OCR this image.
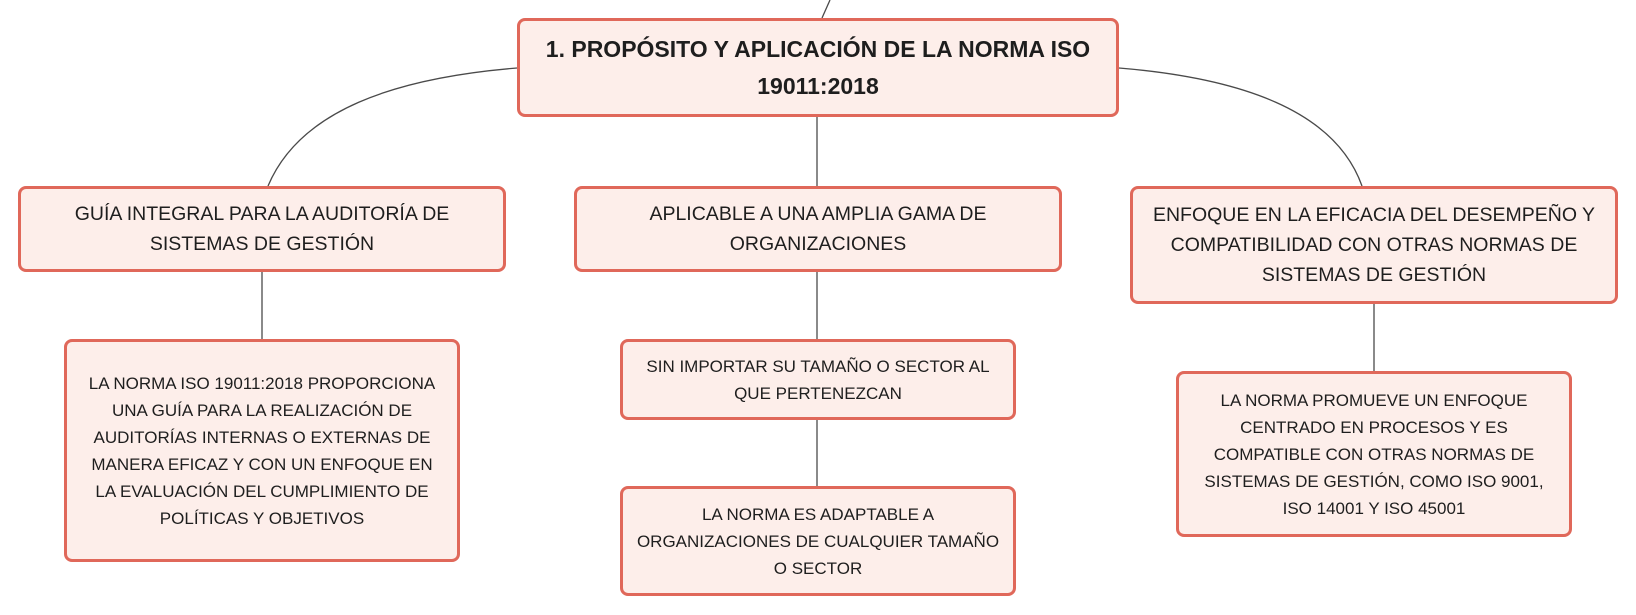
1. PROPÓSITO Y APLICACIÓN DE LA NORMA ISO 19011:2018
GUÍA INTEGRAL PARA LA AUDITORÍA DE SISTEMAS DE GESTIÓN
APLICABLE A UNA AMPLIA GAMA DE ORGANIZACIONES
ENFOQUE EN LA EFICACIA DEL DESEMPEÑO Y COMPATIBILIDAD CON OTRAS NORMAS DE SISTEMAS DE GESTIÓN
LA NORMA ISO 19011:2018 PROPORCIONA UNA GUÍA PARA LA REALIZACIÓN DE AUDITORÍAS INTERNAS O EXTERNAS DE MANERA EFICAZ Y CON UN ENFOQUE EN LA EVALUACIÓN DEL CUMPLIMIENTO DE POLÍTICAS Y OBJETIVOS
SIN IMPORTAR SU TAMAÑO O SECTOR AL QUE PERTENEZCAN
LA NORMA ES ADAPTABLE A ORGANIZACIONES DE CUALQUIER TAMAÑO O SECTOR
LA NORMA PROMUEVE UN ENFOQUE CENTRADO EN PROCESOS Y ES COMPATIBLE CON OTRAS NORMAS DE SISTEMAS DE GESTIÓN, COMO ISO 9001, ISO 14001 Y ISO 45001
